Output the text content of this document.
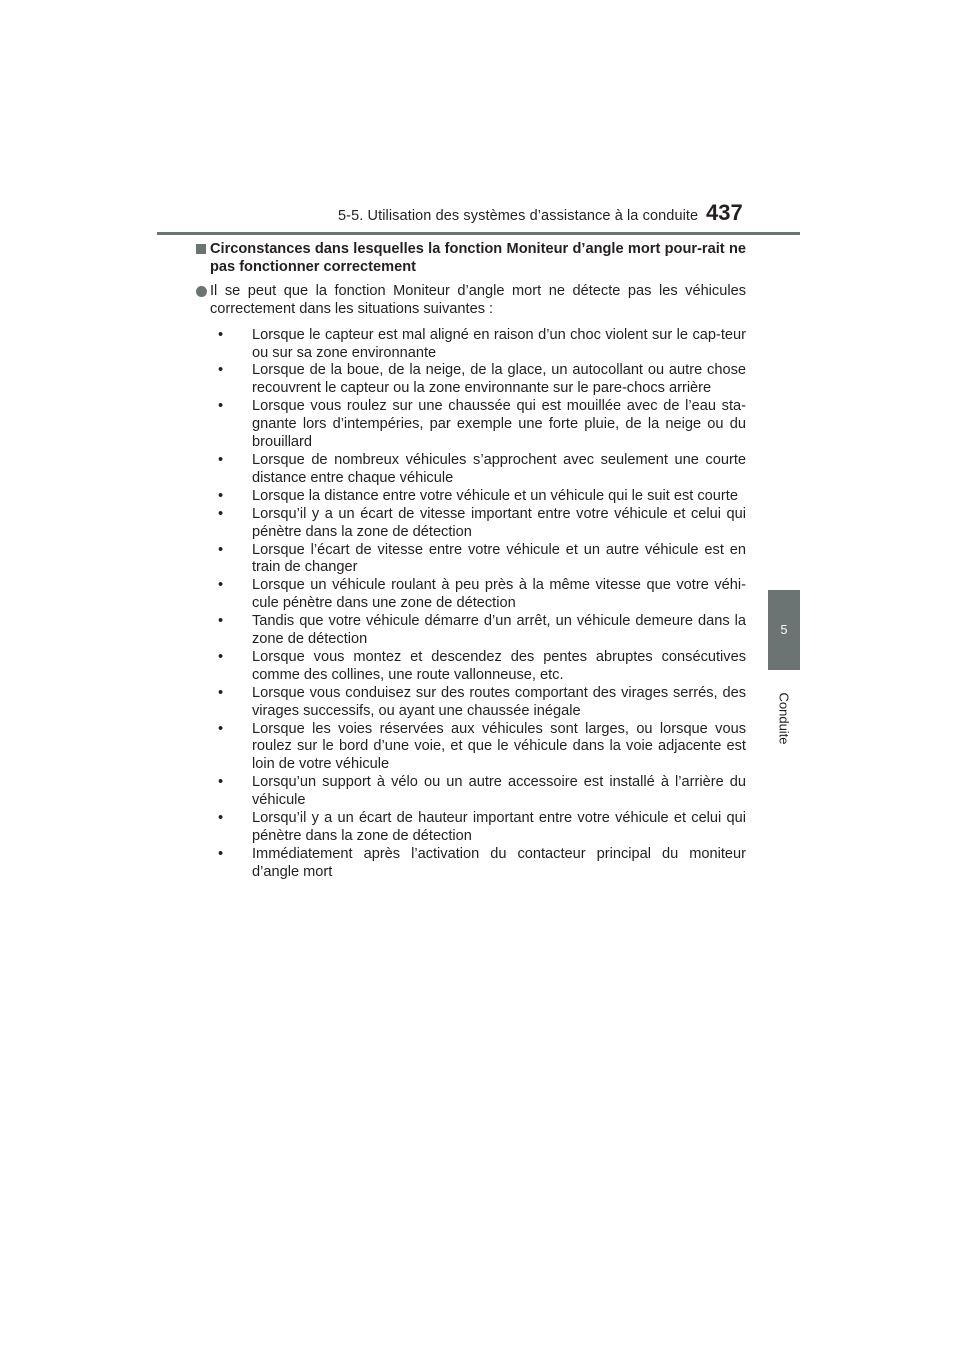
5-5. Utilisation des systèmes d’assistance à la conduite 437
5
Conduite
Circonstances dans lesquelles la fonction Moniteur d’angle mort pour-rait ne pas fonctionner correctement
Il se peut que la fonction Moniteur d’angle mort ne détecte pas les véhicules correctement dans les situations suivantes :
• Lorsque le capteur est mal aligné en raison d’un choc violent sur le cap-teur ou sur sa zone environnante
• Lorsque de la boue, de la neige, de la glace, un autocollant ou autre chose recouvrent le capteur ou la zone environnante sur le pare-chocs arrière
• Lorsque vous roulez sur une chaussée qui est mouillée avec de l’eau sta-gnante lors d’intempéries, par exemple une forte pluie, de la neige ou du brouillard
• Lorsque de nombreux véhicules s’approchent avec seulement une courte distance entre chaque véhicule
• Lorsque la distance entre votre véhicule et un véhicule qui le suit est courte
• Lorsqu’il y a un écart de vitesse important entre votre véhicule et celui qui pénètre dans la zone de détection
• Lorsque l’écart de vitesse entre votre véhicule et un autre véhicule est en train de changer
• Lorsque un véhicule roulant à peu près à la même vitesse que votre véhi-cule pénètre dans une zone de détection
• Tandis que votre véhicule démarre d’un arrêt, un véhicule demeure dans la zone de détection
• Lorsque vous montez et descendez des pentes abruptes consécutives comme des collines, une route vallonneuse, etc.
• Lorsque vous conduisez sur des routes comportant des virages serrés, des virages successifs, ou ayant une chaussée inégale
• Lorsque les voies réservées aux véhicules sont larges, ou lorsque vous roulez sur le bord d’une voie, et que le véhicule dans la voie adjacente est loin de votre véhicule
• Lorsqu’un support à vélo ou un autre accessoire est installé à l’arrière du véhicule
• Lorsqu’il y a un écart de hauteur important entre votre véhicule et celui qui pénètre dans la zone de détection
• Immédiatement après l’activation du contacteur principal du moniteur d’angle mort
